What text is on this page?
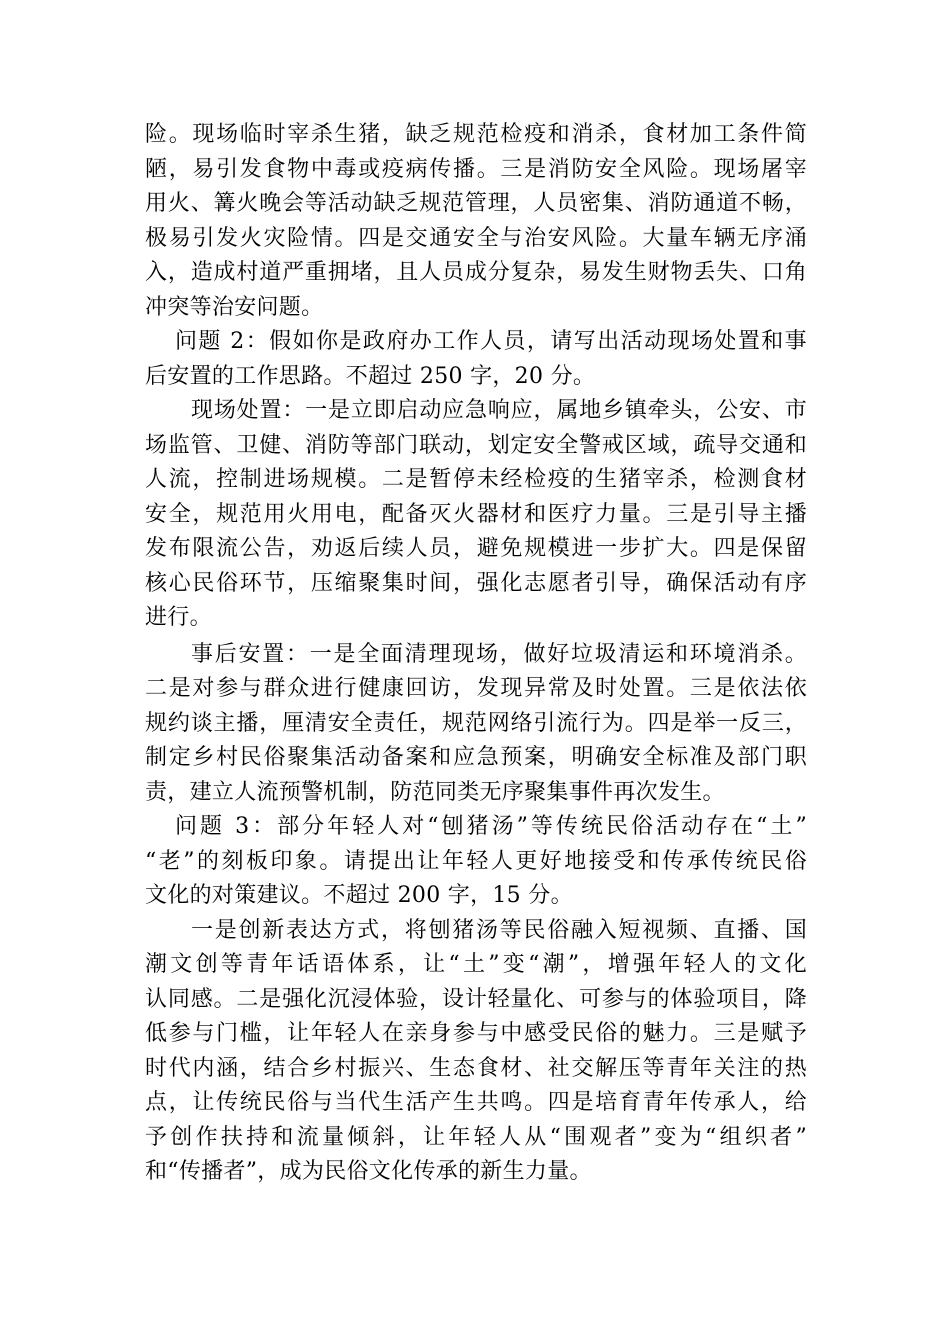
险。现场临时宰杀生猪，缺乏规范检疫和消杀，食材加工条件简
陋，易引发食物中毒或疫病传播。三是消防安全风险。现场屠宰
用火、篝火晚会等活动缺乏规范管理，人员密集、消防通道不畅，
极易引发火灾险情。四是交通安全与治安风险。大量车辆无序涌
入，造成村道严重拥堵，且人员成分复杂，易发生财物丢失、口角
冲突等治安问题。
问题 2：假如你是政府办工作人员，请写出活动现场处置和事
后安置的工作思路。不超过 250 字，20 分。
现场处置：一是立即启动应急响应，属地乡镇牵头，公安、市
场监管、卫健、消防等部门联动，划定安全警戒区域，疏导交通和
人流，控制进场规模。二是暂停未经检疫的生猪宰杀，检测食材
安全，规范用火用电，配备灭火器材和医疗力量。三是引导主播
发布限流公告，劝返后续人员，避免规模进一步扩大。四是保留
核心民俗环节，压缩聚集时间，强化志愿者引导，确保活动有序
进行。
事后安置：一是全面清理现场，做好垃圾清运和环境消杀。
二是对参与群众进行健康回访，发现异常及时处置。三是依法依
规约谈主播，厘清安全责任，规范网络引流行为。四是举一反三，
制定乡村民俗聚集活动备案和应急预案，明确安全标准及部门职
责，建立人流预警机制，防范同类无序聚集事件再次发生。
问题 3：部分年轻人对“刨猪汤”等传统民俗活动存在“土”
“老”的刻板印象。请提出让年轻人更好地接受和传承传统民俗
文化的对策建议。不超过 200 字，15 分。
一是创新表达方式，将刨猪汤等民俗融入短视频、直播、国
潮文创等青年话语体系，让“土”变“潮”，增强年轻人的文化
认同感。二是强化沉浸体验，设计轻量化、可参与的体验项目，降
低参与门槛，让年轻人在亲身参与中感受民俗的魅力。三是赋予
时代内涵，结合乡村振兴、生态食材、社交解压等青年关注的热
点，让传统民俗与当代生活产生共鸣。四是培育青年传承人，给
予创作扶持和流量倾斜，让年轻人从“围观者”变为“组织者”
和“传播者”，成为民俗文化传承的新生力量。
